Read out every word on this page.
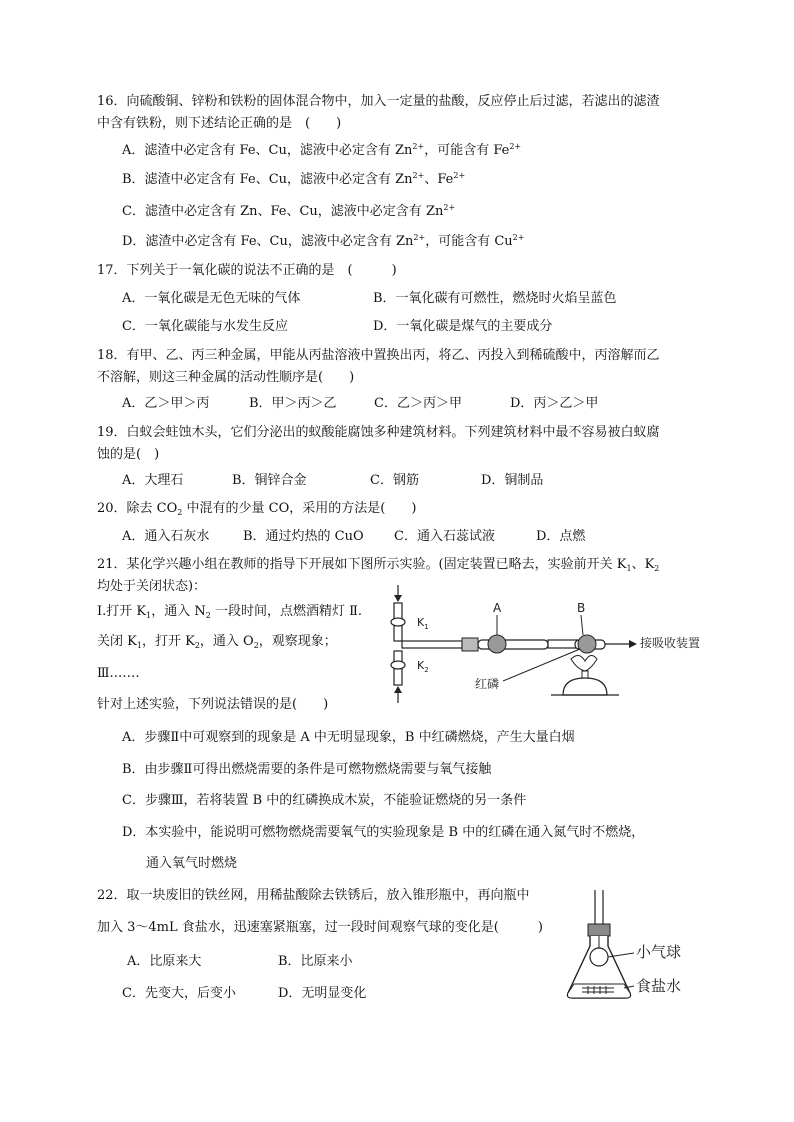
16．向硫酸铜、锌粉和铁粉的固体混合物中，加入一定量的盐酸，反应停止后过滤，若滤出的滤渣
中含有铁粉，则下述结论正确的是　(　　)
A．滤渣中必定含有 Fe、Cu，滤液中必定含有 $Zn^{2+}$，可能含有 $Fe^{2+}$
B．滤渣中必定含有 Fe、Cu，滤液中必定含有 $Zn^{2+}$、$Fe^{2+}$
C．滤渣中必定含有 Zn、Fe、Cu，滤液中必定含有 $Zn^{2+}$
D．滤渣中必定含有 Fe、Cu，滤液中必定含有 $Zn^{2+}$，可能含有 $Cu^{2+}$
17．下列关于一氧化碳的说法不正确的是　(　　　)
A．一氧化碳是无色无味的气体	B．一氧化碳有可燃性，燃烧时火焰呈蓝色
C．一氧化碳能与水发生反应	D．一氧化碳是煤气的主要成分
18．有甲、乙、丙三种金属，甲能从丙盐溶液中置换出丙，将乙、丙投入到稀硫酸中，丙溶解而乙
不溶解，则这三种金属的活动性顺序是(　　)
A．乙＞甲＞丙	B．甲＞丙＞乙	C．乙＞丙＞甲	D．丙＞乙＞甲
19．白蚁会蛀蚀木头，它们分泌出的蚁酸能腐蚀多种建筑材料。下列建筑材料中最不容易被白蚁腐
蚀的是(　)
A．大理石	B．铜锌合金	C．钢筋	D．铜制品
20．除去 $CO_2$ 中混有的少量 CO，采用的方法是(　　)
A．通入石灰水	B．通过灼热的 CuO C．通入石蕊试液	D．点燃
21．某化学兴趣小组在教师的指导下开展如下图所示实验。(固定装置已略去，实验前开关 $K_1$、$K_2$
均处于关闭状态)：
I.打开 $K_1$，通入 $N_2$ 一段时间，点燃酒精灯 Ⅱ.
关闭 $K_1$，打开 $K_2$，通入 $O_2$，观察现象；
Ⅲ.……
针对上述实验，下列说法错误的是(　　)
$K_1$
$K_2$
A	B
接吸收装置
红磷
A．步骤Ⅱ中可观察到的现象是 A 中无明显现象，B 中红磷燃烧，产生大量白烟
B．由步骤Ⅱ可得出燃烧需要的条件是可燃物燃烧需要与氧气接触
C．步骤Ⅲ，若将装置 B 中的红磷换成木炭，不能验证燃烧的另一条件
D．本实验中，能说明可燃物燃烧需要氧气的实验现象是 B 中的红磷在通入氮气时不燃烧，
通入氧气时燃烧
22．取一块废旧的铁丝网，用稀盐酸除去铁锈后，放入锥形瓶中，再向瓶中
加入 3～4mL 食盐水，迅速塞紧瓶塞，过一段时间观察气球的变化是(　　　)
A．比原来大	B．比原来小
C．先变大，后变小	D．无明显变化
小气球
食盐水
